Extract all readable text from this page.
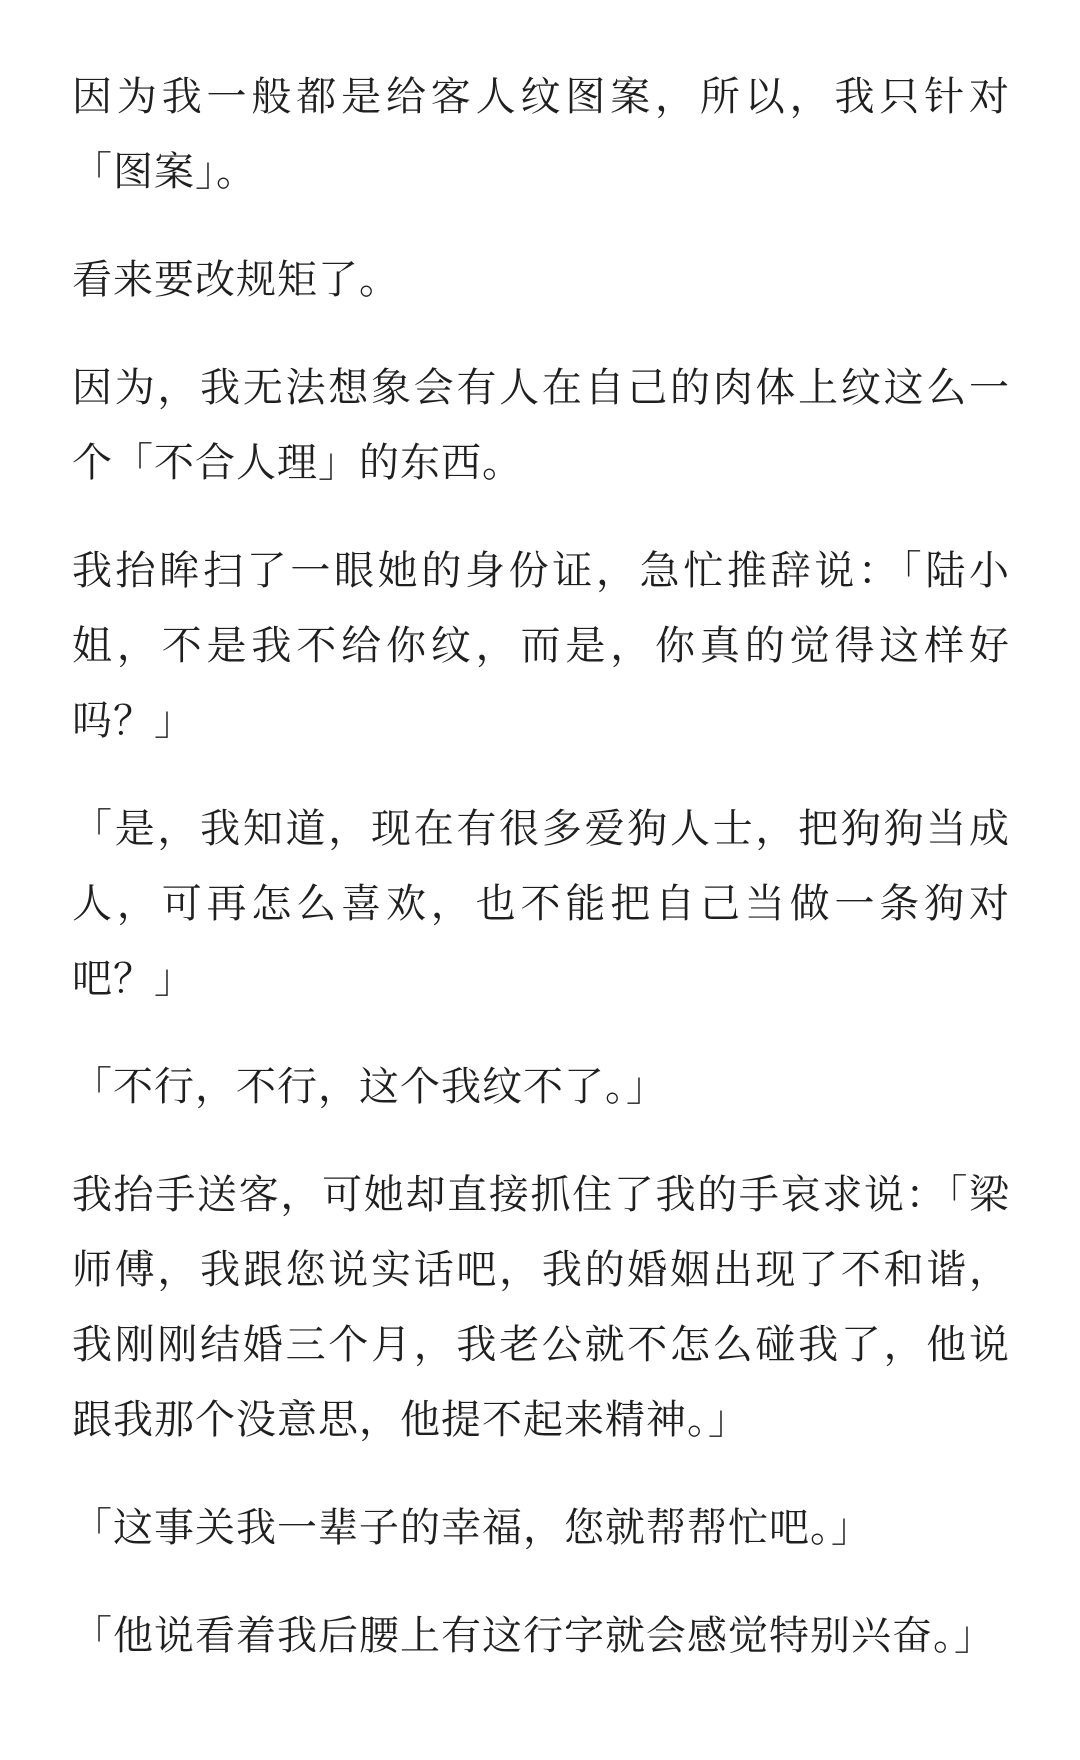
因为我一般都是给客人纹图案，所以，我只针对「图案」。

看来要改规矩了。

因为，我无法想象会有人在自己的肉体上纹这么一个「不合人理」的东西。

我抬眸扫了一眼她的身份证，急忙推辞说：「陆小姐，不是我不给你纹，而是，你真的觉得这样好吗？」

「是，我知道，现在有很多爱狗人士，把狗狗当成人，可再怎么喜欢，也不能把自己当做一条狗对吧？」

「不行，不行，这个我纹不了。」

我抬手送客，可她却直接抓住了我的手哀求说：「梁师傅，我跟您说实话吧，我的婚姻出现了不和谐，我刚刚结婚三个月，我老公就不怎么碰我了，他说跟我那个没意思，他提不起来精神。」

「这事关我一辈子的幸福，您就帮帮忙吧。」

「他说看着我后腰上有这行字就会感觉特别兴奋。」
